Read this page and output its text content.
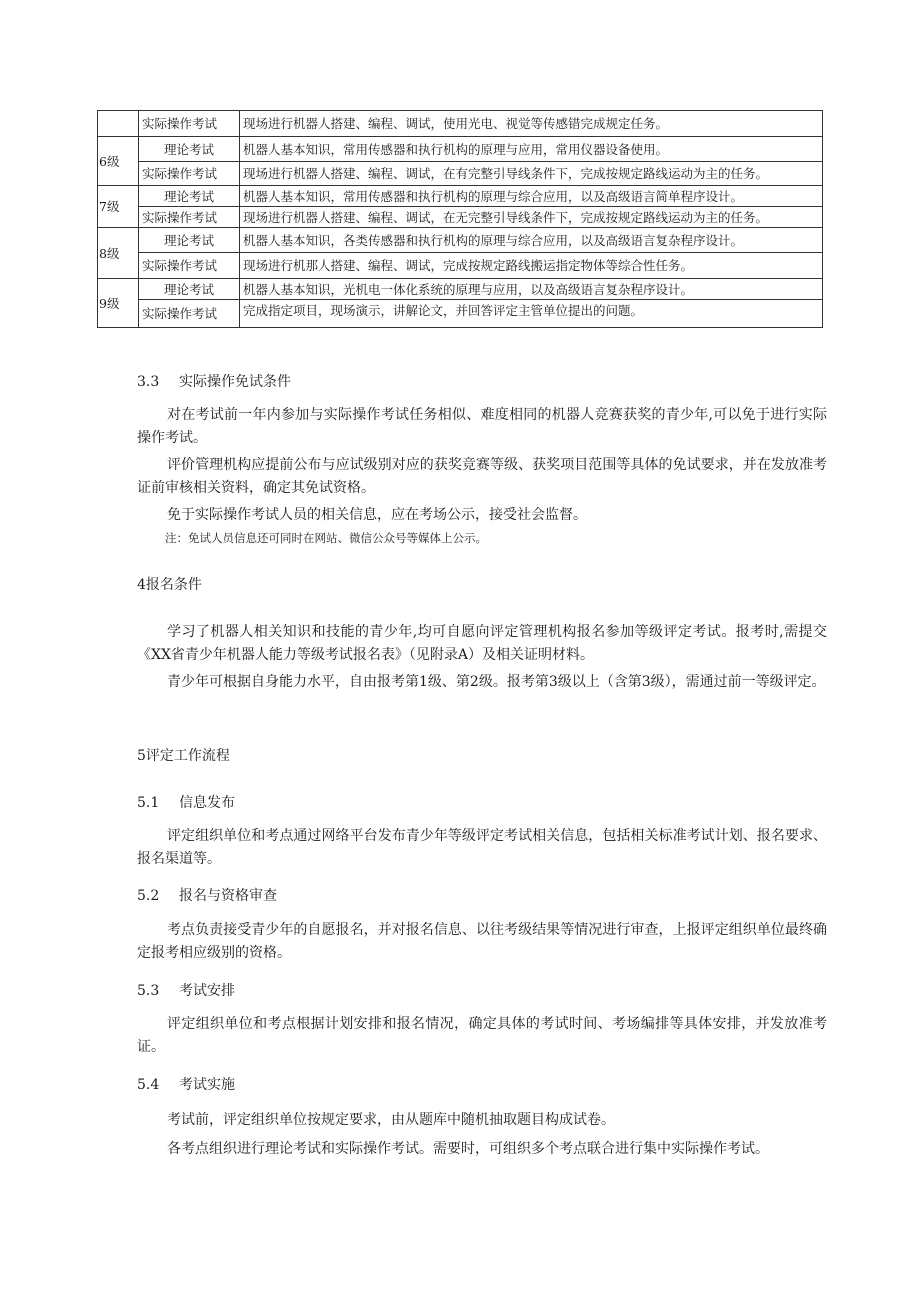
	实际操作考试	现场进行机器人搭建、编程、调试，使用光电、视觉等传感错完成规定任务。
6级	理论考试	机器人基本知识，常用传感器和执行机构的原理与应用，常用仪器设备使用。
	实际操作考试	现场进行机器人搭建、编程、调试，在有完整引导线条件下，完成按规定路线运动为主的任务。
7级	理论考试	机器人基本知识，常用传感器和执行机构的原理与综合应用，以及高级语言简单程序设计。
	实际操作考试	现场进行机器人搭建、编程、调试，在无完整引导线条件下，完成按规定路线运动为主的任务。
8级	理论考试	机器人基本知识，各类传感器和执行机构的原理与综合应用，以及高级语言复杂程序设计。
	实际操作考试	现场进行机那人搭建、编程、调试，完成按规定路线搬运指定物体等综合性任务。
9级	理论考试	机器人基本知识，光机电一体化系统的原理与应用，以及高级语言复杂程序设计。
	实际操作考试	完成指定项目，现场演示，讲解论文，并回答评定主管单位提出的问题。
3.3 实际操作免试条件
对在考试前一年内参加与实际操作考试任务相似、难度相同的机器人竞赛获奖的青少年,可以免于进行实际操作考试。
评价管理机构应提前公布与应试级别对应的获奖竞赛等级、获奖项目范围等具体的免试要求，并在发放准考证前审核相关资料，确定其免试资格。
免于实际操作考试人员的相关信息，应在考场公示，接受社会监督。
注：免试人员信息还可同时在网站、微信公众号等媒体上公示。
4报名条件
学习了机器人相关知识和技能的青少年,均可自愿向评定管理机构报名参加等级评定考试。报考时,需提交《XX省青少年机器人能力等级考试报名表》（见附录A）及相关证明材料。
青少年可根据自身能力水平，自由报考第1级、第2级。报考第3级以上（含第3级），需通过前一等级评定。
5评定工作流程
5.1 信息发布
评定组织单位和考点通过网络平台发布青少年等级评定考试相关信息，包括相关标准考试计划、报名要求、报名渠道等。
5.2 报名与资格审查
考点负责接受青少年的自愿报名，并对报名信息、以往考级结果等情况进行审查，上报评定组织单位最终确定报考相应级别的资格。
5.3 考试安排
评定组织单位和考点根据计划安排和报名情况，确定具体的考试时间、考场编排等具体安排，并发放准考证。
5.4 考试实施
考试前，评定组织单位按规定要求，由从题库中随机抽取题目构成试卷。
各考点组织进行理论考试和实际操作考试。需要时，可组织多个考点联合进行集中实际操作考试。
